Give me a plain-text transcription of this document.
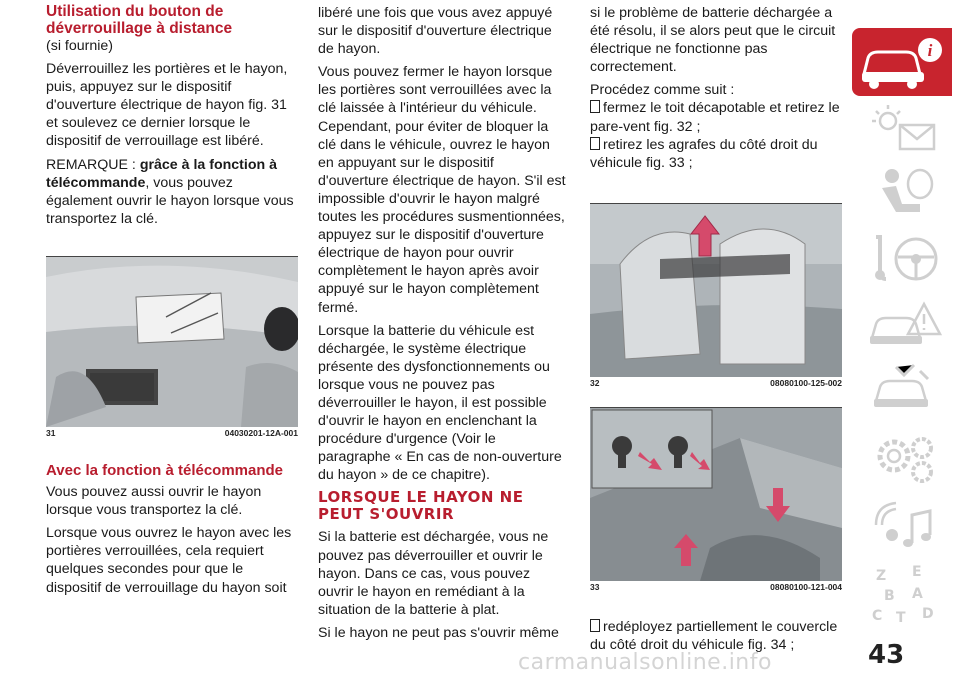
Utilisation du bouton de déverrouillage à distance
(si fournie)

Déverrouillez les portières et le hayon, puis, appuyez sur le dispositif d'ouverture électrique de hayon fig. 31 et soulevez ce dernier lorsque le dispositif de verrouillage est libéré.

REMARQUE : grâce à la fonction à télécommande, vous pouvez également ouvrir le hayon lorsque vous transportez la clé.

31	04030201-12A-001
Avec la fonction à télécommande

Vous pouvez aussi ouvrir le hayon lorsque vous transportez la clé.

Lorsque vous ouvrez le hayon avec les portières verrouillées, cela requiert quelques secondes pour que le dispositif de verrouillage du hayon soit

libéré une fois que vous avez appuyé sur le dispositif d'ouverture électrique de hayon.

Vous pouvez fermer le hayon lorsque les portières sont verrouillées avec la clé laissée à l'intérieur du véhicule. Cependant, pour éviter de bloquer la clé dans le véhicule, ouvrez le hayon en appuyant sur le dispositif d'ouverture électrique de hayon. S'il est impossible d'ouvrir le hayon malgré toutes les procédures susmentionnées, appuyez sur le dispositif d'ouverture électrique de hayon pour ouvrir complètement le hayon après avoir appuyé sur le hayon complètement fermé.

Lorsque la batterie du véhicule est déchargée, le système électrique présente des dysfonctionnements ou lorsque vous ne pouvez pas déverrouiller le hayon, il est possible d'ouvrir le hayon en enclenchant la procédure d'urgence (Voir le paragraphe « En cas de non-ouverture du hayon » de ce chapitre).

LORSQUE LE HAYON NE PEUT S'OUVRIR

Si la batterie est déchargée, vous ne pouvez pas déverrouiller et ouvrir le hayon. Dans ce cas, vous pouvez ouvrir le hayon en remédiant à la situation de la batterie à plat.

Si le hayon ne peut pas s'ouvrir même

si le problème de batterie déchargée a été résolu, il se alors peut que le circuit électrique ne fonctionne pas correctement.

Procédez comme suit :

fermez le toit décapotable et retirez le pare-vent fig. 32 ;

retirez les agrafes du côté droit du véhicule fig. 33 ;

32	08080100-125-002
33	08080100-121-004

redéployez partiellement le couvercle du côté droit du véhicule fig. 34 ;

i
Z E
B A
C T D
43
carmanualsonline.info
